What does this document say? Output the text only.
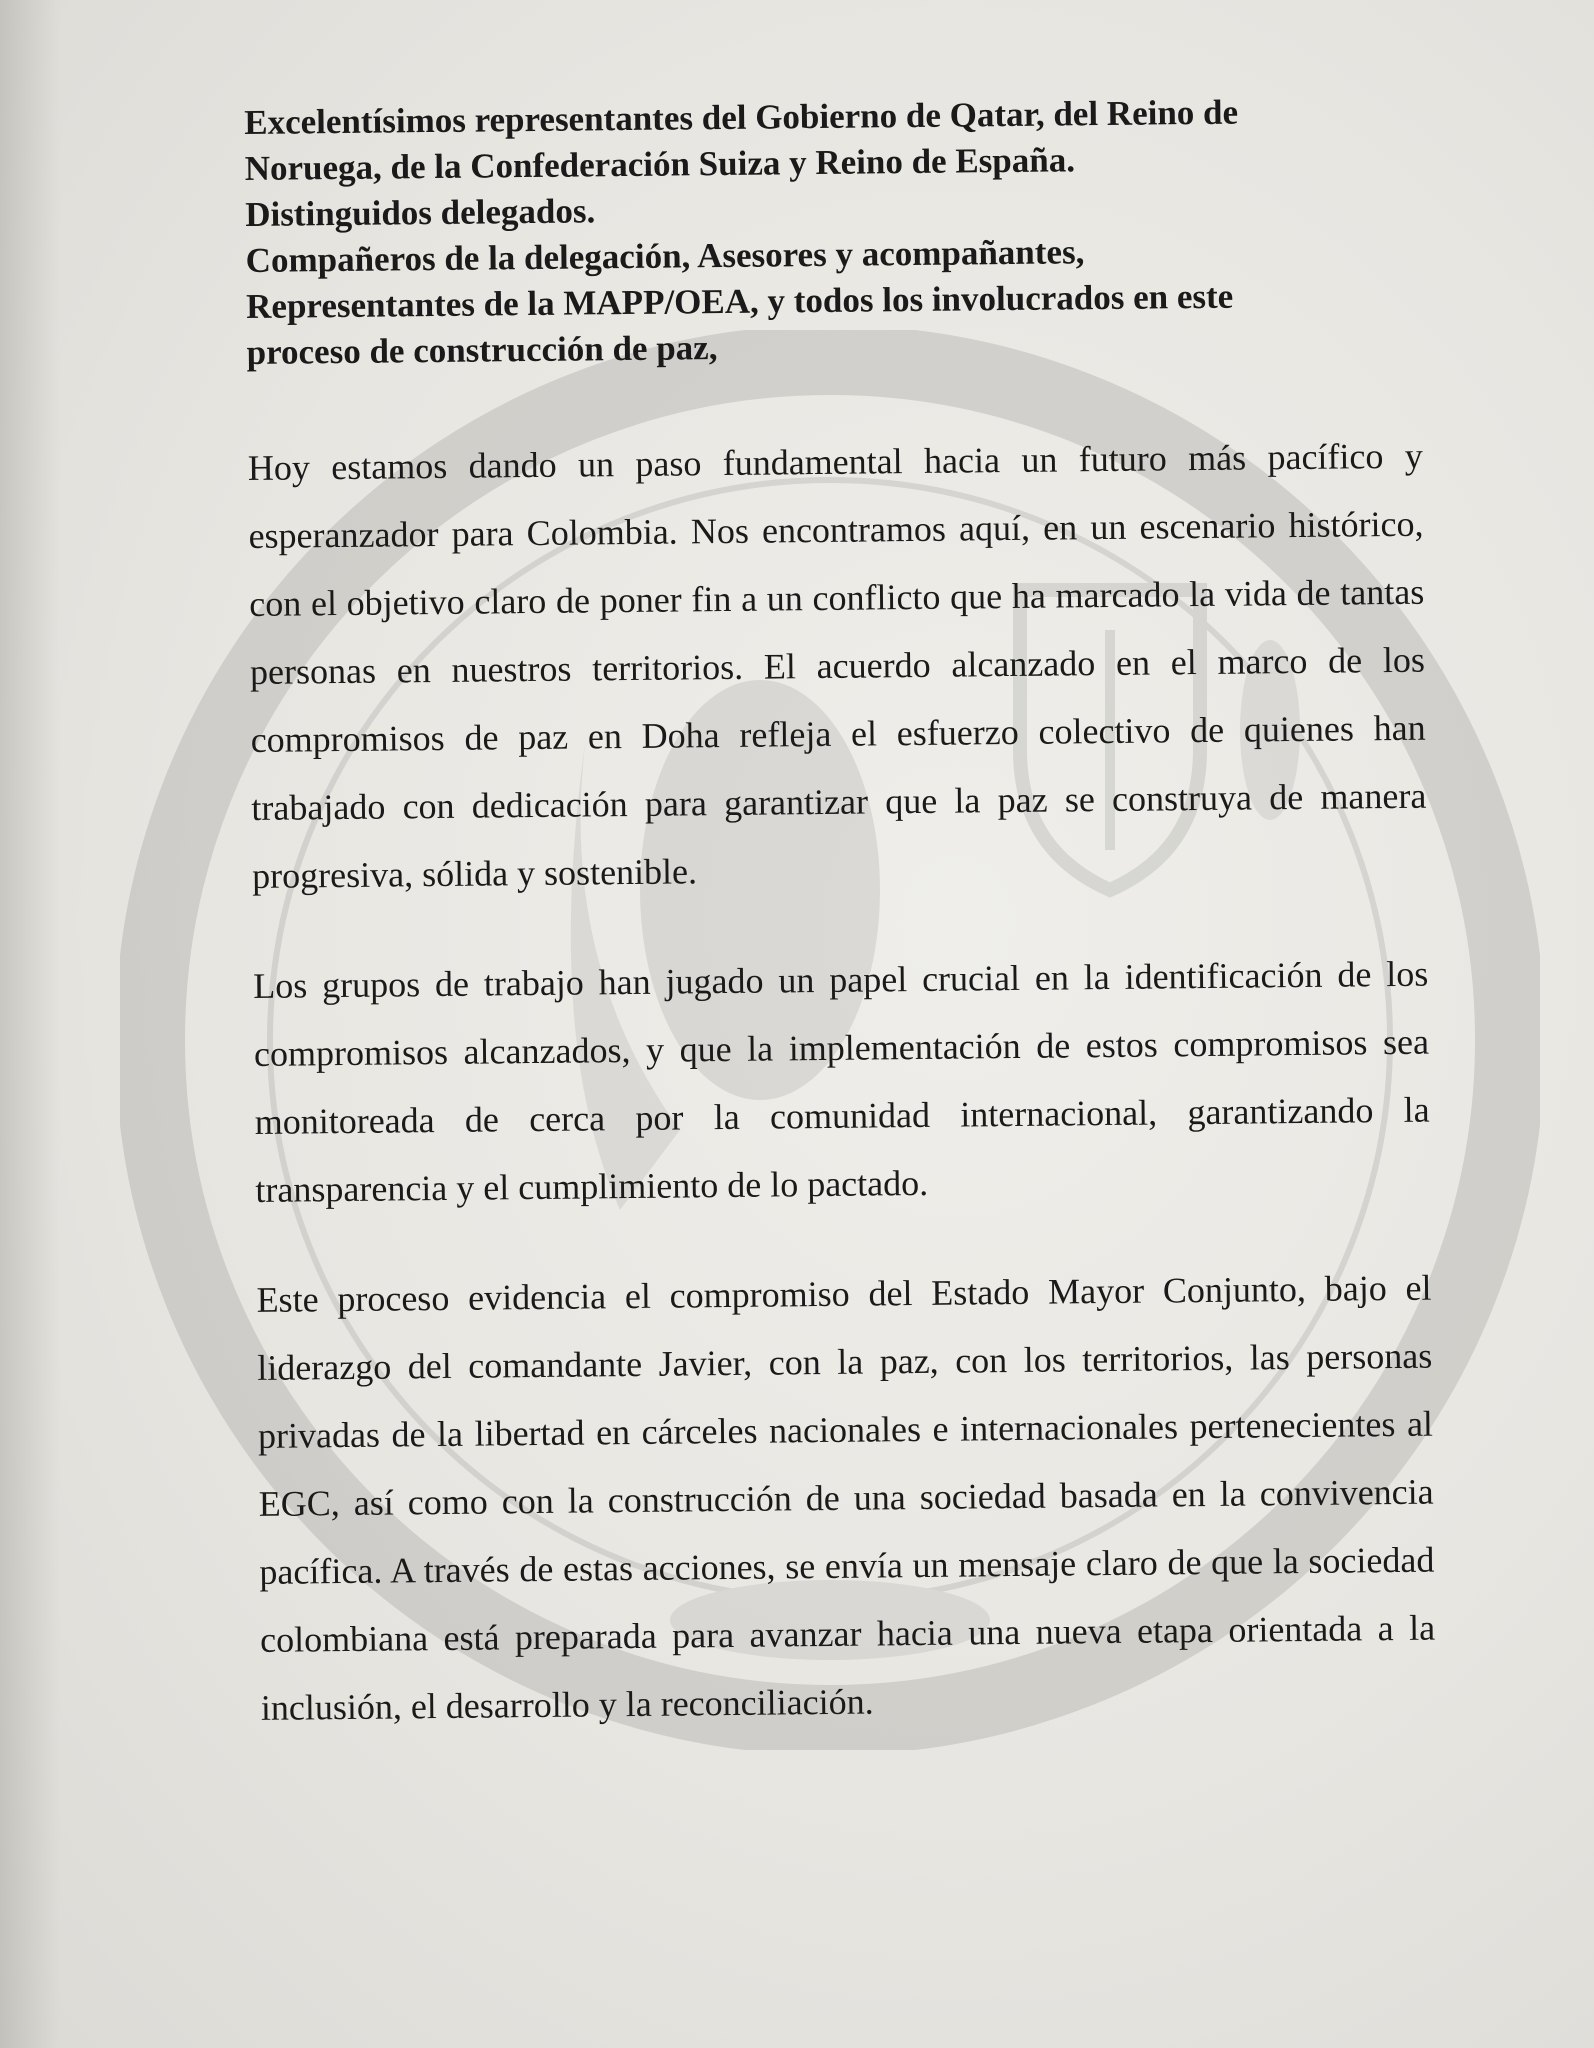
Excelentísimos representantes del Gobierno de Qatar, del Reino de
Noruega, de la Confederación Suiza y Reino de España.
Distinguidos delegados.
Compañeros de la delegación, Asesores y acompañantes,
Representantes de la MAPP/OEA, y todos los involucrados en este
proceso de construcción de paz,

Hoy estamos dando un paso fundamental hacia un futuro más pacífico y esperanzador para Colombia. Nos encontramos aquí, en un escenario histórico, con el objetivo claro de poner fin a un conflicto que ha marcado la vida de tantas personas en nuestros territorios. El acuerdo alcanzado en el marco de los compromisos de paz en Doha refleja el esfuerzo colectivo de quienes han trabajado con dedicación para garantizar que la paz se construya de manera progresiva, sólida y sostenible.

Los grupos de trabajo han jugado un papel crucial en la identificación de los compromisos alcanzados, y que la implementación de estos compromisos sea monitoreada de cerca por la comunidad internacional, garantizando la transparencia y el cumplimiento de lo pactado.

Este proceso evidencia el compromiso del Estado Mayor Conjunto, bajo el liderazgo del comandante Javier, con la paz, con los territorios, las personas privadas de la libertad en cárceles nacionales e internacionales pertenecientes al EGC, así como con la construcción de una sociedad basada en la convivencia pacífica. A través de estas acciones, se envía un mensaje claro de que la sociedad colombiana está preparada para avanzar hacia una nueva etapa orientada a la inclusión, el desarrollo y la reconciliación.
